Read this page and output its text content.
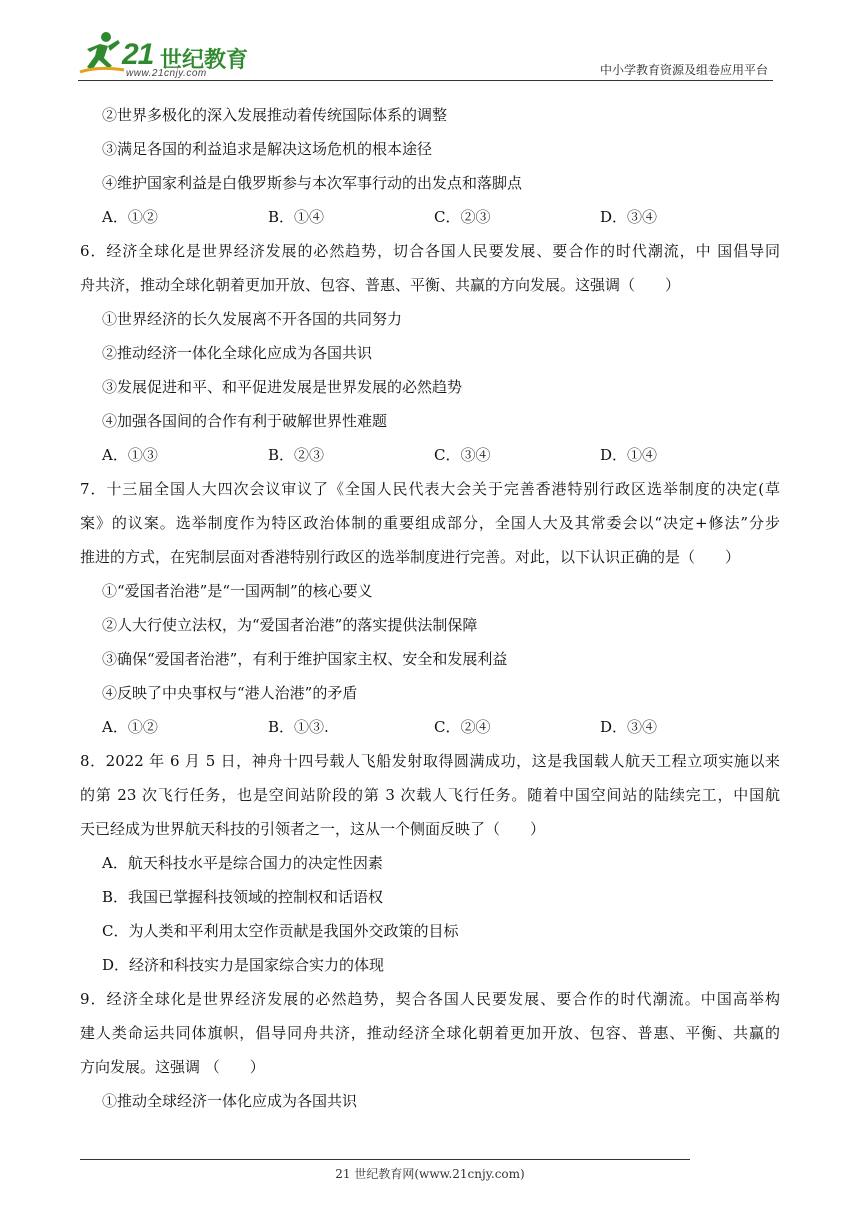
21 世纪教育
www.21cnjy.com	中小学教育资源及组卷应用平台
②世界多极化的深入发展推动着传统国际体系的调整
③满足各国的利益追求是解决这场危机的根本途径
④维护国家利益是白俄罗斯参与本次军事行动的出发点和落脚点
A．①②	B．①④	C．②③	D．③④
6．经济全球化是世界经济发展的必然趋势，切合各国人民要发展、要合作的时代潮流，中 国倡导同
舟共济，推动全球化朝着更加开放、包容、普惠、平衡、共赢的方向发展。这强调（　　）
①世界经济的长久发展离不开各国的共同努力
②推动经济一体化全球化应成为各国共识
③发展促进和平、和平促进发展是世界发展的必然趋势
④加强各国间的合作有利于破解世界性难题
A．①③	B．②③	C．③④	D．①④
7．十三届全国人大四次会议审议了《全国人民代表大会关于完善香港特别行政区选举制度的决定(草
案》的议案。选举制度作为特区政治体制的重要组成部分，全国人大及其常委会以“决定+修法”分步
推进的方式，在宪制层面对香港特别行政区的选举制度进行完善。对此，以下认识正确的是（　　）
①“爱国者治港”是“一国两制”的核心要义
②人大行使立法权，为“爱国者治港”的落实提供法制保障
③确保“爱国者治港”，有利于维护国家主权、安全和发展利益
④反映了中央事权与“港人治港”的矛盾
A．①②	B．①③.	C．②④	D．③④
8．2022 年 6 月 5 日，神舟十四号载人飞船发射取得圆满成功，这是我国载人航天工程立项实施以来
的第 23 次飞行任务，也是空间站阶段的第 3 次载人飞行任务。随着中国空间站的陆续完工，中国航
天已经成为世界航天科技的引领者之一，这从一个侧面反映了（　　）
A．航天科技水平是综合国力的决定性因素
B．我国已掌握科技领域的控制权和话语权
C．为人类和平利用太空作贡献是我国外交政策的目标
D．经济和科技实力是国家综合实力的体现
9．经济全球化是世界经济发展的必然趋势，契合各国人民要发展、要合作的时代潮流。中国高举构
建人类命运共同体旗帜，倡导同舟共济，推动经济全球化朝着更加开放、包容、普惠、平衡、共赢的
方向发展。这强调 （　　）
①推动全球经济一体化应成为各国共识
21 世纪教育网(www.21cnjy.com)
